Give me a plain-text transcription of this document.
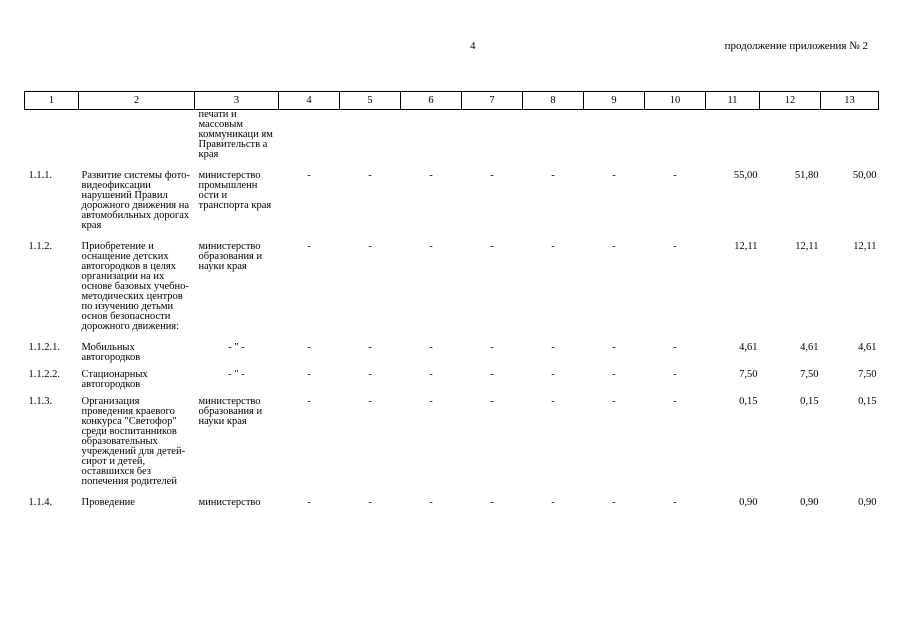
4	продолжение приложения № 2
1	2	3	4	5	6	7	8	9	10	11	12	13
		печати и массовым коммуникаци ям Правительств а края										
1.1.1.	Развитие системы фото-видеофиксации нарушений Правил дорожного движения на автомобильных дорогах края	министерство промышленн ости и транспорта края	-	-	-	-	-	-	-	55,00	51,80	50,00
1.1.2.	Приобретение и оснащение детских автогородков в целях организации на их основе базовых учебно-методических центров по изучению детьми основ безопасности дорожного движения:	министерство образования и науки края	-	-	-	-	-	-	-	12,11	12,11	12,11
1.1.2.1.	Мобильных автогородков	- " -	-	-	-	-	-	-	-	4,61	4,61	4,61
1.1.2.2.	Стационарных автогородков	- " -	-	-	-	-	-	-	-	7,50	7,50	7,50
1.1.3.	Организация проведения краевого конкурса "Светофор" среди воспитанников образовательных учреждений для детей-сирот и детей, оставшихся без попечения родителей	министерство образования и науки края	-	-	-	-	-	-	-	0,15	0,15	0,15
1.1.4.	Проведение	министерство	-	-	-	-	-	-	-	0,90	0,90	0,90
